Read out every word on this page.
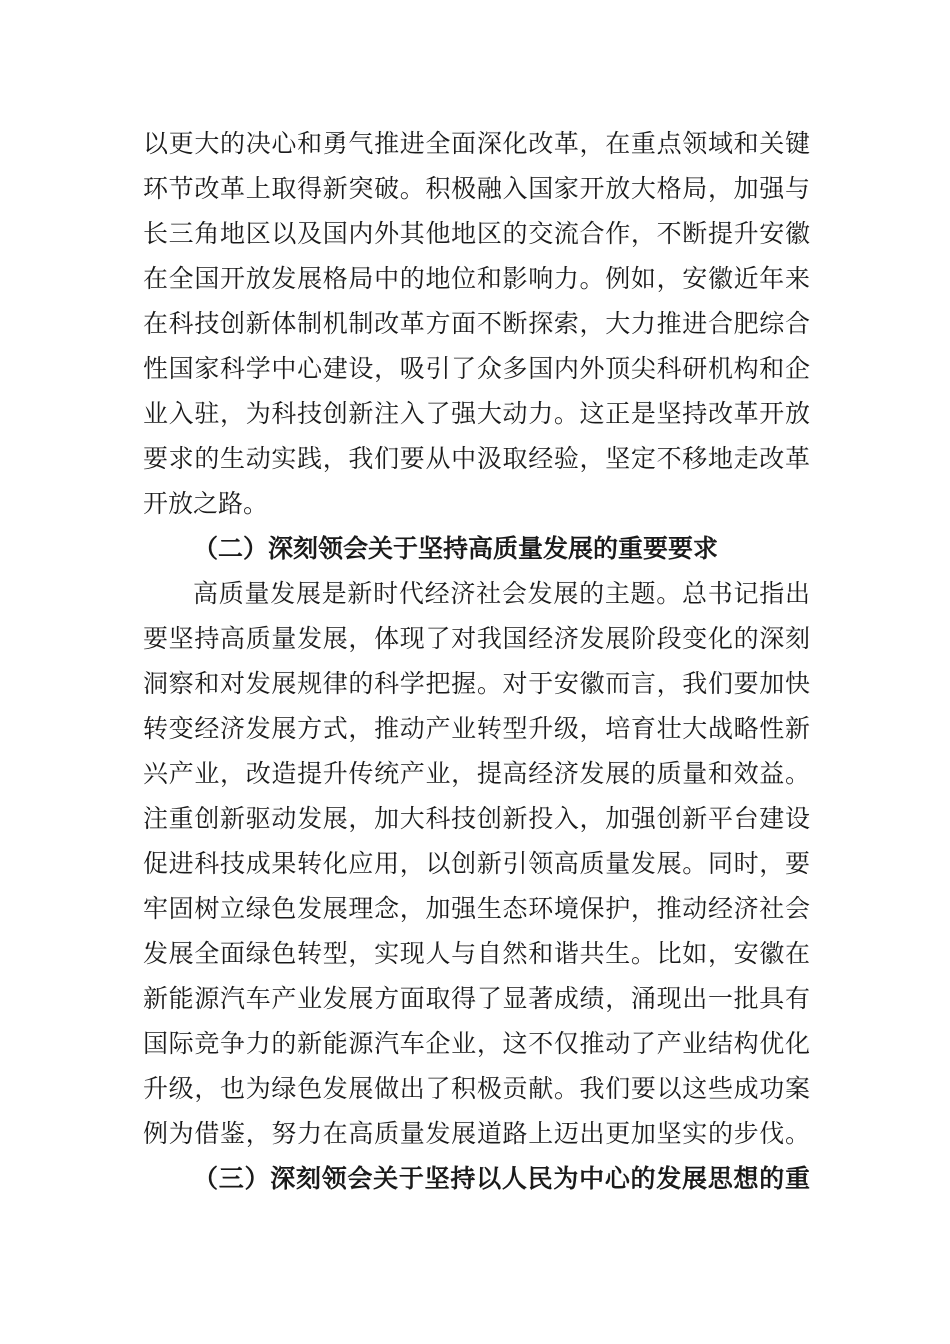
以更大的决心和勇气推进全面深化改革，在重点领域和关键
环节改革上取得新突破。积极融入国家开放大格局，加强与
长三角地区以及国内外其他地区的交流合作，不断提升安徽
在全国开放发展格局中的地位和影响力。例如，安徽近年来
在科技创新体制机制改革方面不断探索，大力推进合肥综合
性国家科学中心建设，吸引了众多国内外顶尖科研机构和企
业入驻，为科技创新注入了强大动力。这正是坚持改革开放
要求的生动实践，我们要从中汲取经验，坚定不移地走改革
开放之路。
（二）深刻领会关于坚持高质量发展的重要要求
高质量发展是新时代经济社会发展的主题。总书记指出
要坚持高质量发展，体现了对我国经济发展阶段变化的深刻
洞察和对发展规律的科学把握。对于安徽而言，我们要加快
转变经济发展方式，推动产业转型升级，培育壮大战略性新
兴产业，改造提升传统产业，提高经济发展的质量和效益。
注重创新驱动发展，加大科技创新投入，加强创新平台建设
促进科技成果转化应用，以创新引领高质量发展。同时，要
牢固树立绿色发展理念，加强生态环境保护，推动经济社会
发展全面绿色转型，实现人与自然和谐共生。比如，安徽在
新能源汽车产业发展方面取得了显著成绩，涌现出一批具有
国际竞争力的新能源汽车企业，这不仅推动了产业结构优化
升级，也为绿色发展做出了积极贡献。我们要以这些成功案
例为借鉴，努力在高质量发展道路上迈出更加坚实的步伐。
（三）深刻领会关于坚持以人民为中心的发展思想的重
